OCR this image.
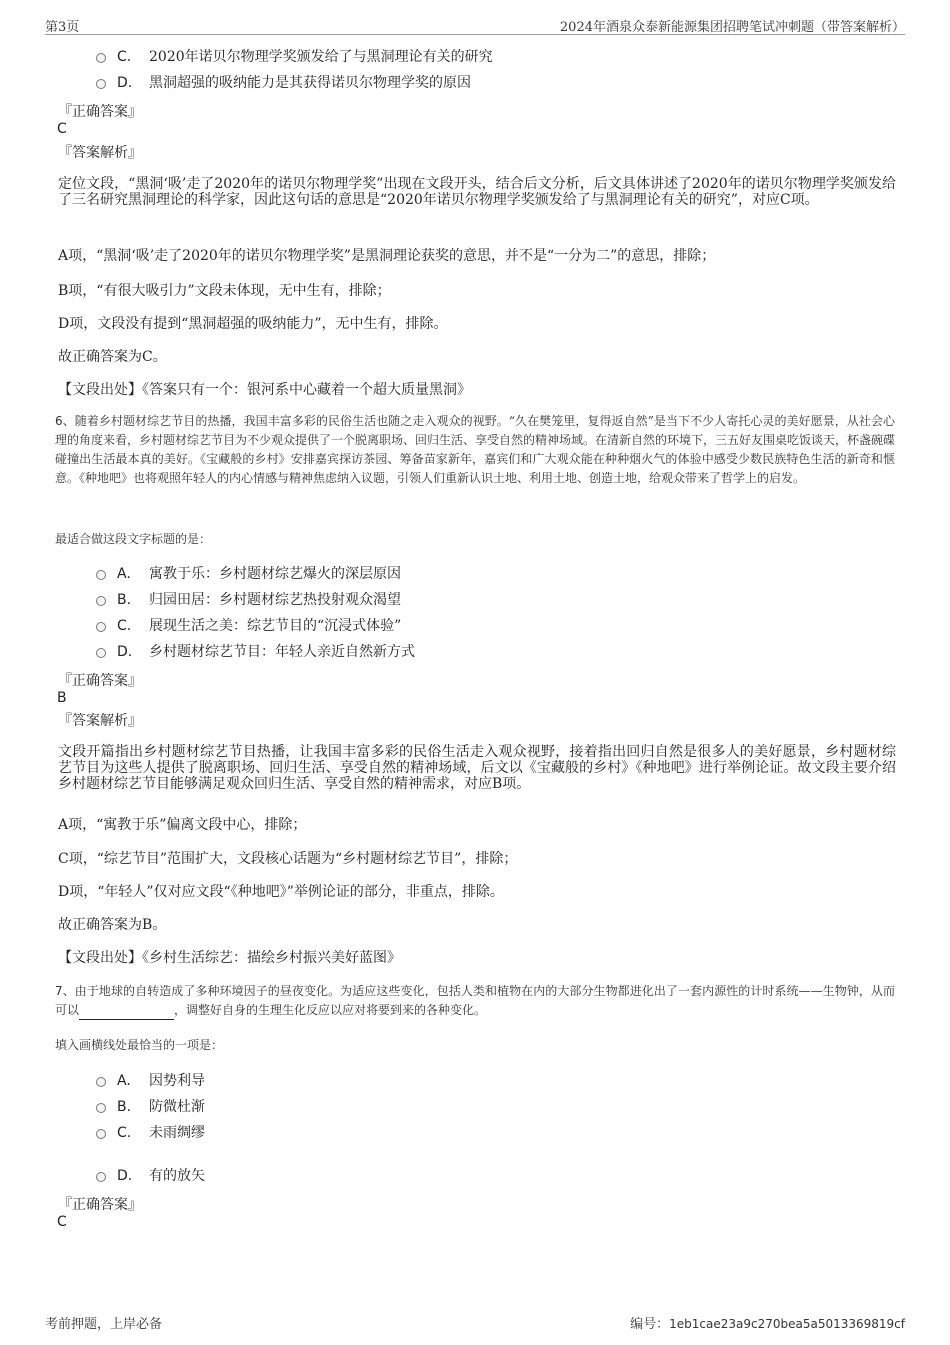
第3页	2024年酒泉众泰新能源集团招聘笔试冲刺题（带答案解析）
C. 2020年诺贝尔物理学奖颁发给了与黑洞理论有关的研究
D. 黑洞超强的吸纳能力是其获得诺贝尔物理学奖的原因
『正确答案』
C
『答案解析』
定位文段，“黑洞‘吸’走了2020年的诺贝尔物理学奖”出现在文段开头，结合后文分析，后文具体讲述了2020年的诺贝尔物理学奖颁发给了三名研究黑洞理论的科学家，因此这句话的意思是“2020年诺贝尔物理学奖颁发给了与黑洞理论有关的研究”，对应C项。
A项，“黑洞‘吸’走了2020年的诺贝尔物理学奖”是黑洞理论获奖的意思，并不是“一分为二”的意思，排除；
B项，“有很大吸引力”文段未体现，无中生有，排除；
D项，文段没有提到“黑洞超强的吸纳能力”，无中生有，排除。
故正确答案为C。
【文段出处】《答案只有一个：银河系中心藏着一个超大质量黑洞》
6、随着乡村题材综艺节目的热播，我国丰富多彩的民俗生活也随之走入观众的视野。“久在樊笼里，复得返自然”是当下不少人寄托心灵的美好愿景，从社会心理的角度来看，乡村题材综艺节目为不少观众提供了一个脱离职场、回归生活、享受自然的精神场域。在清新自然的环境下，三五好友围桌吃饭谈天，杯盏碗碟碰撞出生活最本真的美好。《宝藏般的乡村》安排嘉宾探访茶园、筹备苗家新年，嘉宾们和广大观众能在种种烟火气的体验中感受少数民族特色生活的新奇和惬意。《种地吧》也将观照年轻人的内心情感与精神焦虑纳入议题，引领人们重新认识土地、利用土地、创造土地，给观众带来了哲学上的启发。
最适合做这段文字标题的是：
A. 寓教于乐：乡村题材综艺爆火的深层原因
B. 归园田居：乡村题材综艺热投射观众渴望
C. 展现生活之美：综艺节目的“沉浸式体验”
D. 乡村题材综艺节目：年轻人亲近自然新方式
『正确答案』
B
『答案解析』
文段开篇指出乡村题材综艺节目热播，让我国丰富多彩的民俗生活走入观众视野，接着指出回归自然是很多人的美好愿景，乡村题材综艺节目为这些人提供了脱离职场、回归生活、享受自然的精神场域，后文以《宝藏般的乡村》《种地吧》进行举例论证。故文段主要介绍乡村题材综艺节目能够满足观众回归生活、享受自然的精神需求，对应B项。
A项，“寓教于乐”偏离文段中心，排除；
C项，“综艺节目”范围扩大，文段核心话题为“乡村题材综艺节目”，排除；
D项，“年轻人”仅对应文段“《种地吧》”举例论证的部分，非重点，排除。
故正确答案为B。
【文段出处】《乡村生活综艺：描绘乡村振兴美好蓝图》
7、由于地球的自转造成了多种环境因子的昼夜变化。为适应这些变化，包括人类和植物在内的大部分生物都进化出了一套内源性的计时系统——生物钟，从而可以	，调整好自身的生理生化反应以应对将要到来的各种变化。
填入画横线处最恰当的一项是：
A. 因势利导
B. 防微杜渐
C. 未雨绸缪
D. 有的放矢
『正确答案』
C
考前押题，上岸必备	编号：1eb1cae23a9c270bea5a5013369819cf
